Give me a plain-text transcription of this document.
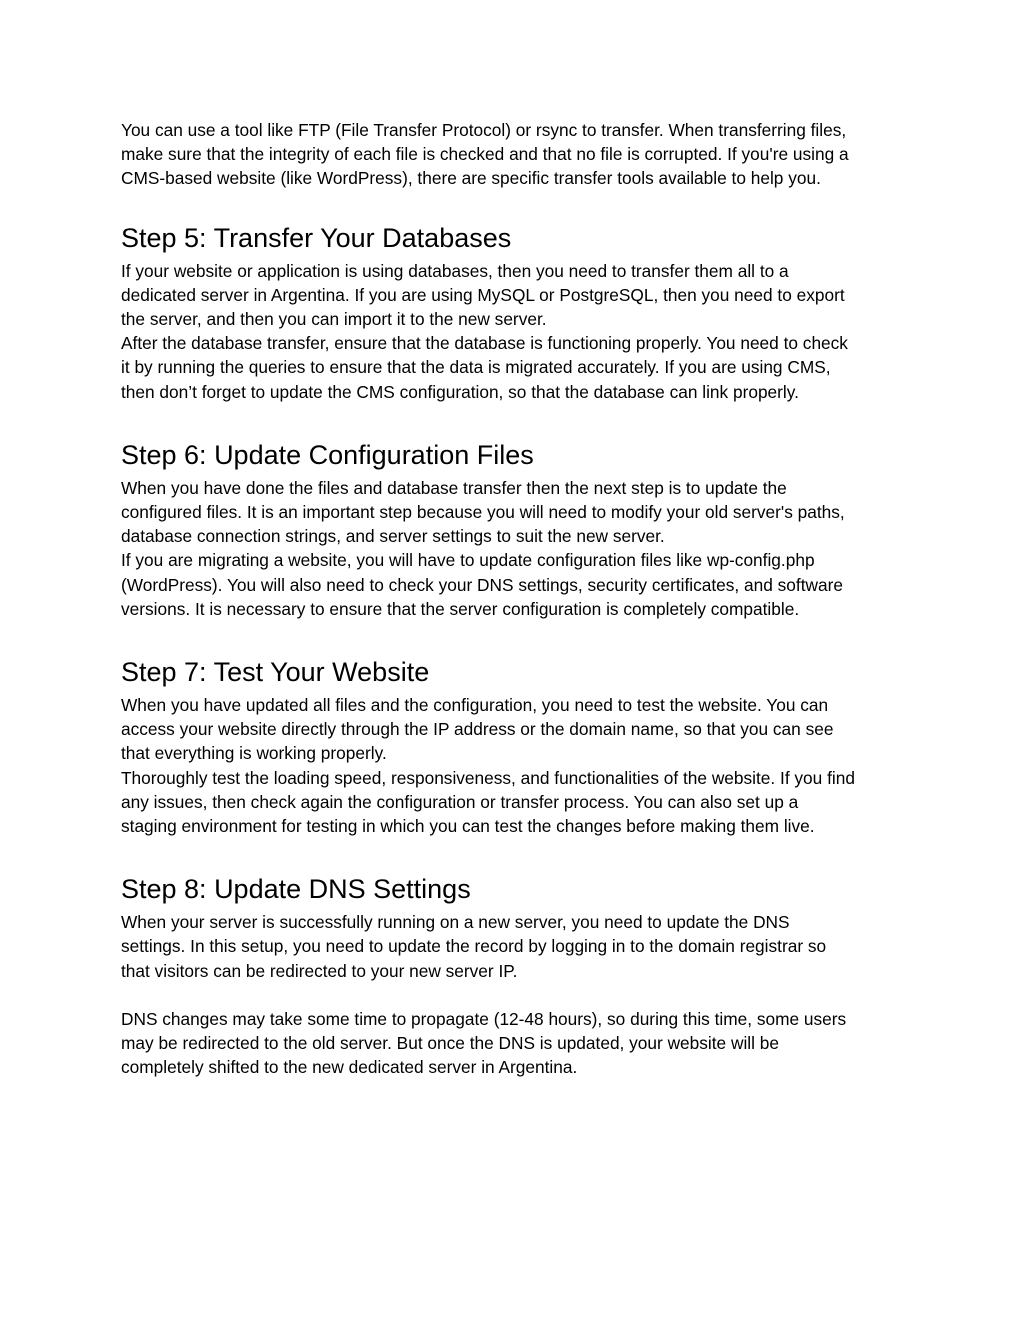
You can use a tool like FTP (File Transfer Protocol) or rsync to transfer. When transferring files,
make sure that the integrity of each file is checked and that no file is corrupted. If you're using a
CMS-based website (like WordPress), there are specific transfer tools available to help you.

Step 5: Transfer Your Databases

If your website or application is using databases, then you need to transfer them all to a
dedicated server in Argentina. If you are using MySQL or PostgreSQL, then you need to export
the server, and then you can import it to the new server.
After the database transfer, ensure that the database is functioning properly. You need to check
it by running the queries to ensure that the data is migrated accurately. If you are using CMS,
then don’t forget to update the CMS configuration, so that the database can link properly.

Step 6: Update Configuration Files

When you have done the files and database transfer then the next step is to update the
configured files. It is an important step because you will need to modify your old server's paths,
database connection strings, and server settings to suit the new server.
If you are migrating a website, you will have to update configuration files like wp-config.php
(WordPress). You will also need to check your DNS settings, security certificates, and software
versions. It is necessary to ensure that the server configuration is completely compatible.

Step 7: Test Your Website

When you have updated all files and the configuration, you need to test the website. You can
access your website directly through the IP address or the domain name, so that you can see
that everything is working properly.
Thoroughly test the loading speed, responsiveness, and functionalities of the website. If you find
any issues, then check again the configuration or transfer process. You can also set up a
staging environment for testing in which you can test the changes before making them live.

Step 8: Update DNS Settings

When your server is successfully running on a new server, you need to update the DNS
settings. In this setup, you need to update the record by logging in to the domain registrar so
that visitors can be redirected to your new server IP.

DNS changes may take some time to propagate (12-48 hours), so during this time, some users
may be redirected to the old server. But once the DNS is updated, your website will be
completely shifted to the new dedicated server in Argentina.
